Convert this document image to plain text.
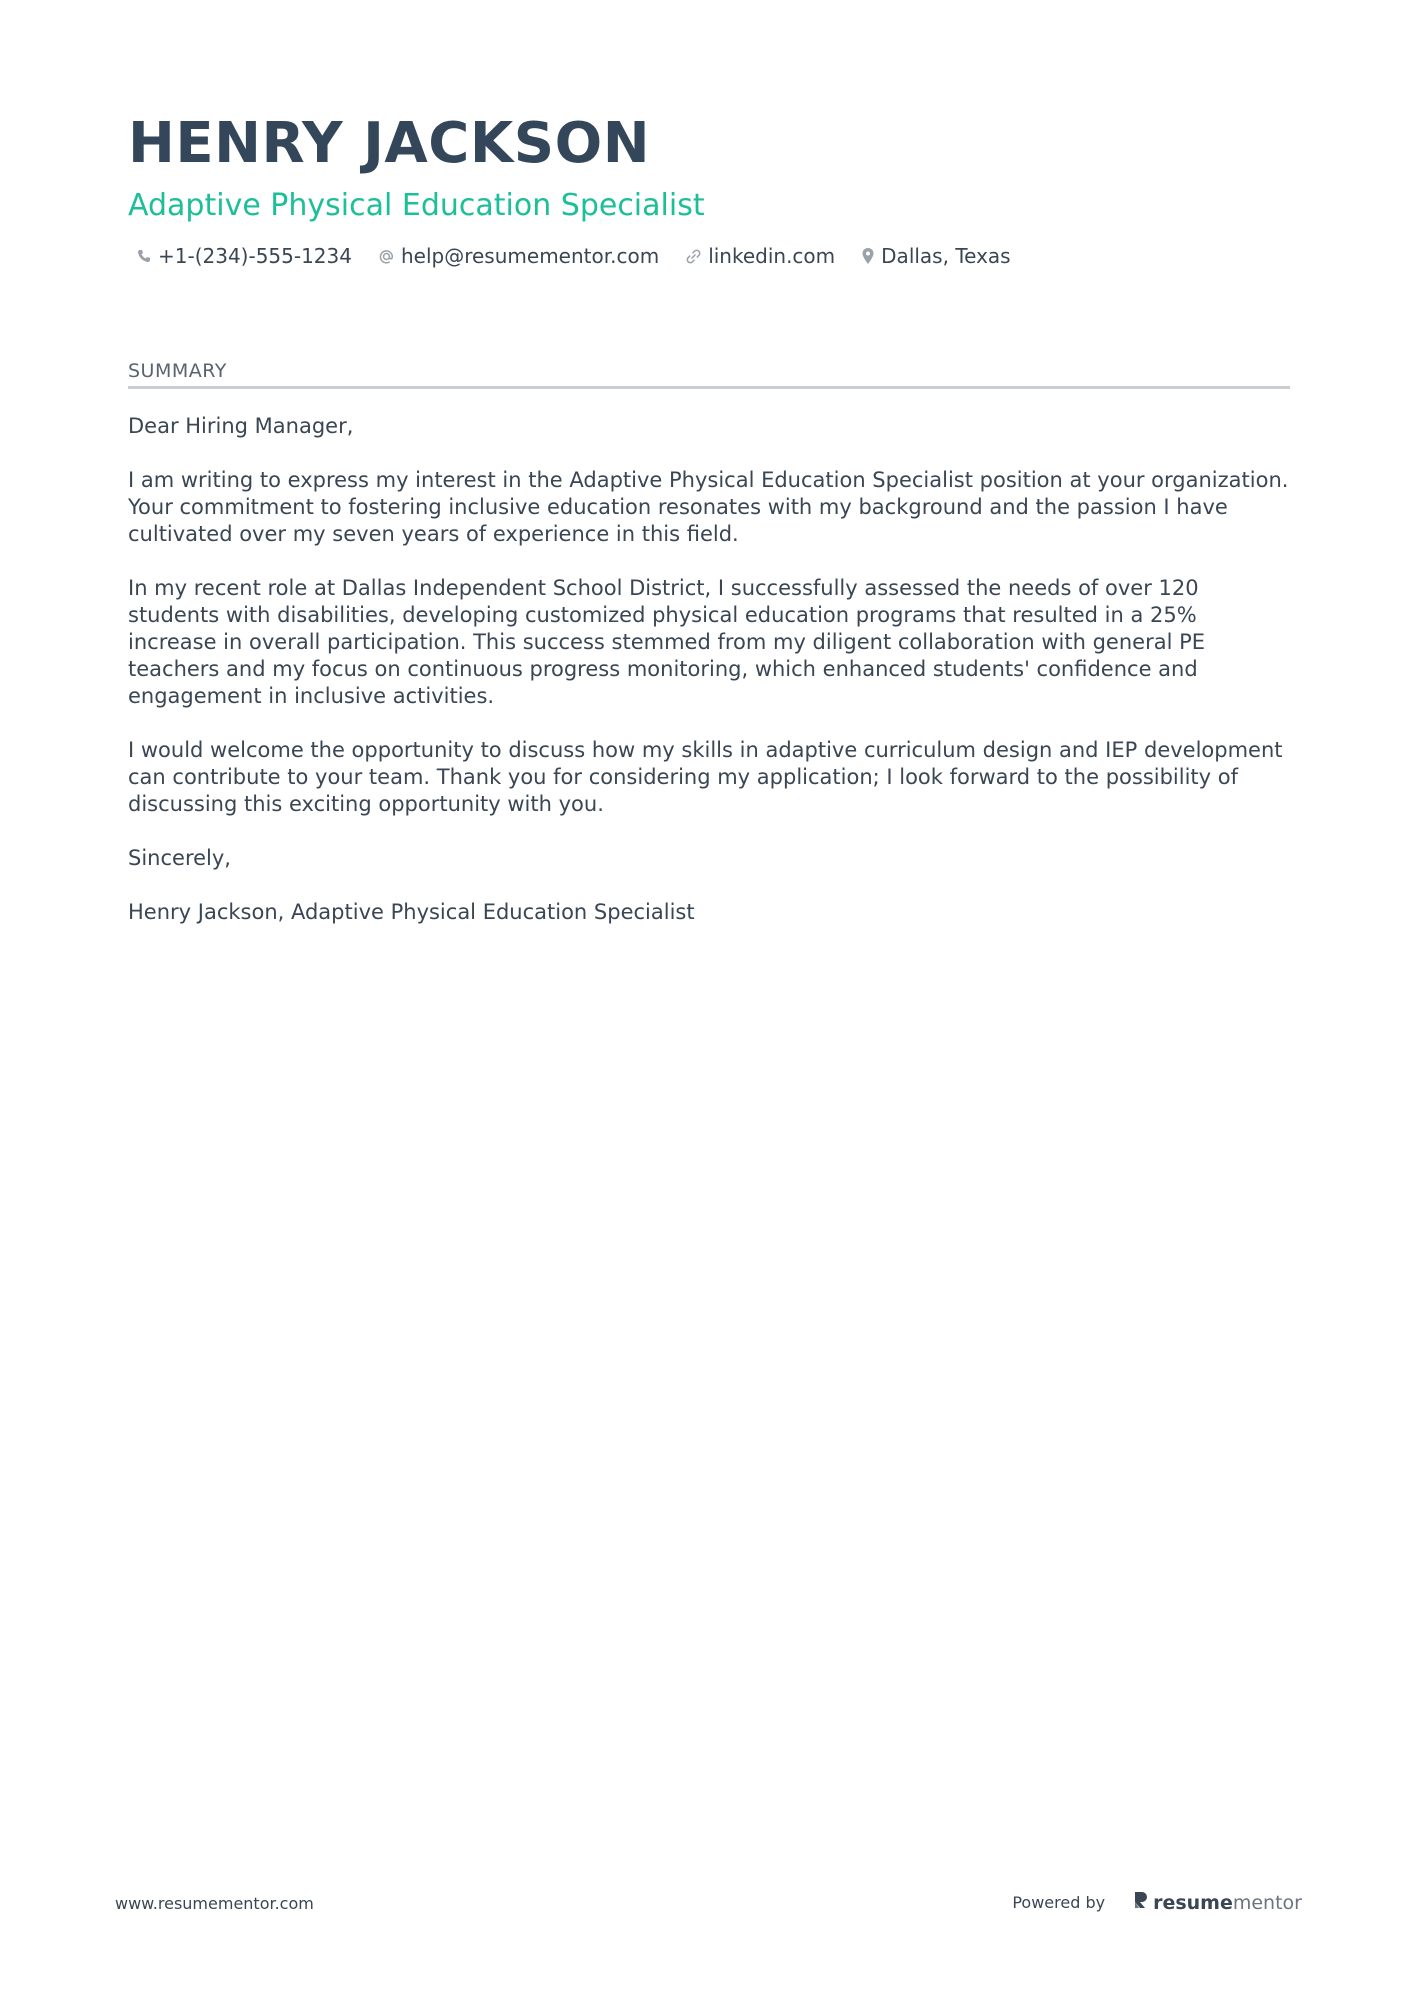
HENRY JACKSON
Adaptive Physical Education Specialist
+1-(234)-555-1234 help@resumementor.com linkedin.com Dallas, Texas
SUMMARY

Dear Hiring Manager,

I am writing to express my interest in the Adaptive Physical Education Specialist position at your organization. Your commitment to fostering inclusive education resonates with my background and the passion I have cultivated over my seven years of experience in this field.

In my recent role at Dallas Independent School District, I successfully assessed the needs of over 120 students with disabilities, developing customized physical education programs that resulted in a 25% increase in overall participation. This success stemmed from my diligent collaboration with general PE teachers and my focus on continuous progress monitoring, which enhanced students' confidence and engagement in inclusive activities.

I would welcome the opportunity to discuss how my skills in adaptive curriculum design and IEP development can contribute to your team. Thank you for considering my application; I look forward to the possibility of discussing this exciting opportunity with you.

Sincerely,

Henry Jackson, Adaptive Physical Education Specialist

www.resumementor.com	Powered by	resume mentor
